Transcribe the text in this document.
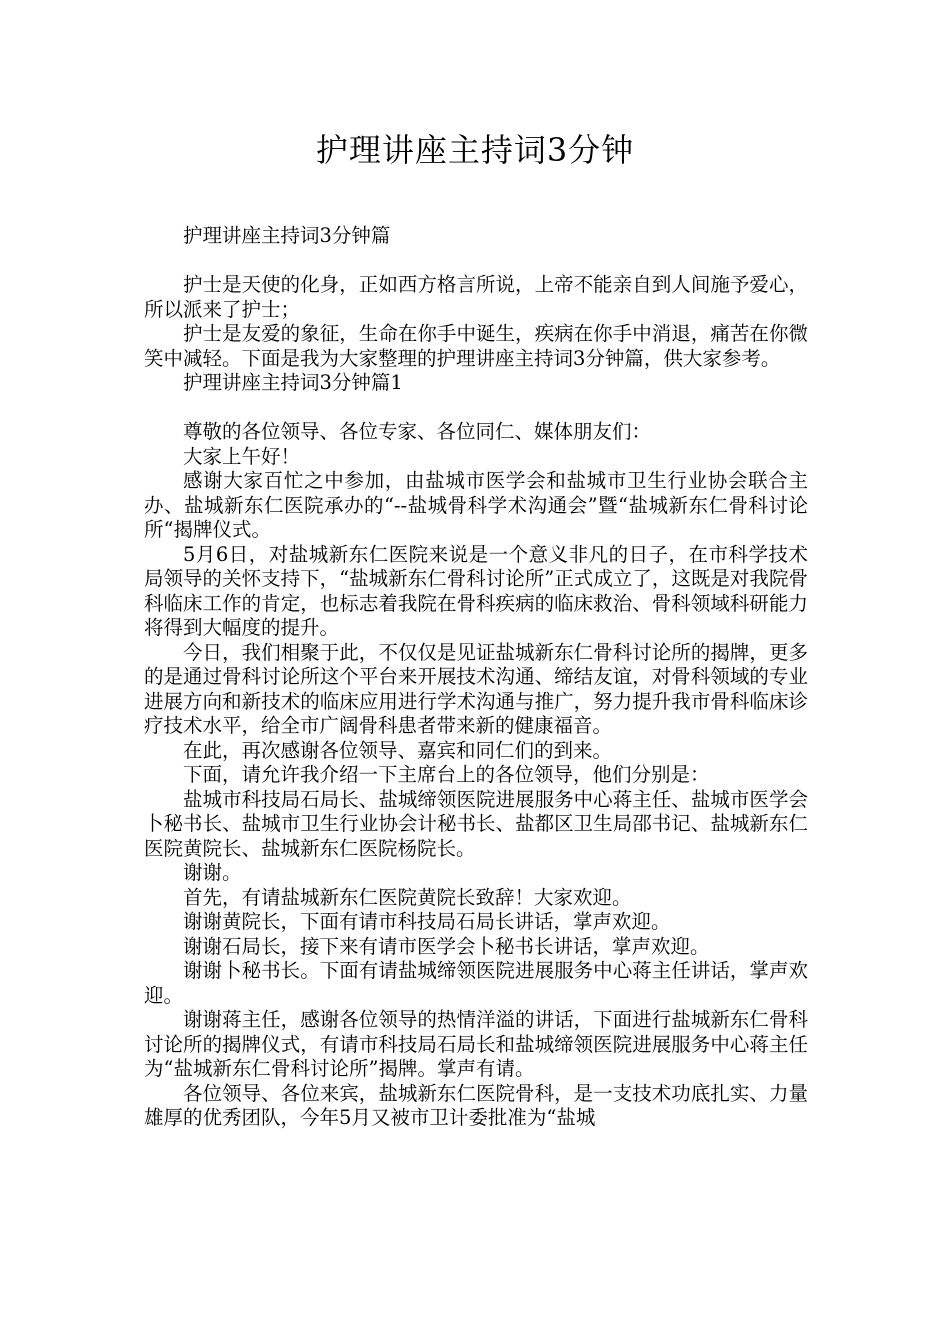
护理讲座主持词3分钟

护理讲座主持词3分钟篇

护士是天使的化身，正如西方格言所说，上帝不能亲自到人间施予爱心，所以派来了护士；

护士是友爱的象征，生命在你手中诞生，疾病在你手中消退，痛苦在你微笑中减轻。下面是我为大家整理的护理讲座主持词3分钟篇，供大家参考。

护理讲座主持词3分钟篇1

尊敬的各位领导、各位专家、各位同仁、媒体朋友们：

大家上午好！

感谢大家百忙之中参加，由盐城市医学会和盐城市卫生行业协会联合主办、盐城新东仁医院承办的“--盐城骨科学术沟通会”暨“盐城新东仁骨科讨论所“揭牌仪式。

5月6日，对盐城新东仁医院来说是一个意义非凡的日子，在市科学技术局领导的关怀支持下，“盐城新东仁骨科讨论所”正式成立了，这既是对我院骨科临床工作的肯定，也标志着我院在骨科疾病的临床救治、骨科领域科研能力将得到大幅度的提升。

今日，我们相聚于此，不仅仅是见证盐城新东仁骨科讨论所的揭牌，更多的是通过骨科讨论所这个平台来开展技术沟通、缔结友谊，对骨科领域的专业进展方向和新技术的临床应用进行学术沟通与推广，努力提升我市骨科临床诊疗技术水平，给全市广阔骨科患者带来新的健康福音。

在此，再次感谢各位领导、嘉宾和同仁们的到来。

下面，请允许我介绍一下主席台上的各位领导，他们分别是：

盐城市科技局石局长、盐城缔领医院进展服务中心蒋主任、盐城市医学会卜秘书长、盐城市卫生行业协会计秘书长、盐都区卫生局邵书记、盐城新东仁医院黄院长、盐城新东仁医院杨院长。

谢谢。

首先，有请盐城新东仁医院黄院长致辞！大家欢迎。

谢谢黄院长，下面有请市科技局石局长讲话，掌声欢迎。

谢谢石局长，接下来有请市医学会卜秘书长讲话，掌声欢迎。

谢谢卜秘书长。下面有请盐城缔领医院进展服务中心蒋主任讲话，掌声欢迎。

谢谢蒋主任，感谢各位领导的热情洋溢的讲话，下面进行盐城新东仁骨科讨论所的揭牌仪式，有请市科技局石局长和盐城缔领医院进展服务中心蒋主任为“盐城新东仁骨科讨论所”揭牌。掌声有请。

各位领导、各位来宾，盐城新东仁医院骨科，是一支技术功底扎实、力量雄厚的优秀团队，今年5月又被市卫计委批准为“盐城
